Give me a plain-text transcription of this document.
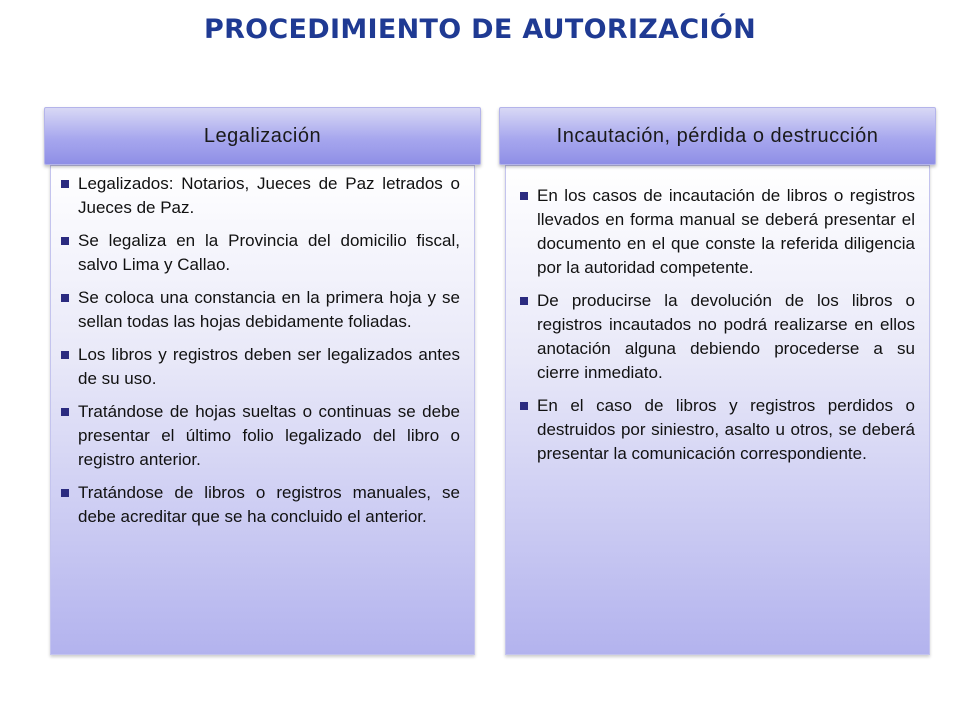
PROCEDIMIENTO DE AUTORIZACIÓN
Legalización
Legalizados: Notarios, Jueces de Paz letrados o Jueces de Paz.
Se legaliza en la Provincia del domicilio fiscal, salvo Lima y Callao.
Se coloca una constancia en la primera hoja y se sellan todas las hojas debidamente foliadas.
Los libros y registros deben ser legalizados antes de su uso.
Tratándose de hojas sueltas o continuas se debe presentar el último folio legalizado del libro o registro anterior.
Tratándose de libros o registros manuales, se debe acreditar que se ha concluido el anterior.
Incautación, pérdida o destrucción
En los casos de incautación de libros o registros llevados en forma manual se deberá presentar el documento en el que conste la referida diligencia por la autoridad competente.
De producirse la devolución de los libros o registros incautados no podrá realizarse en ellos anotación alguna debiendo procederse a su cierre inmediato.
En el caso de libros y registros perdidos o destruidos por siniestro, asalto u otros, se deberá presentar la comunicación correspondiente.
